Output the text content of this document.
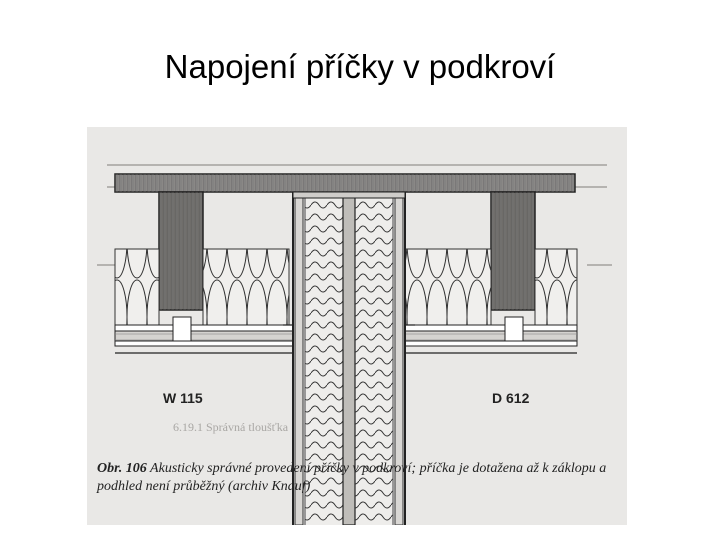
Napojení příčky v podkroví
W 115	D 612
6.19.1 Správná tloušťka
Obr. 106 Akusticky správné provedení příčky v podkroví; příčka je dotažena až k záklopu a podhled není průběžný (archiv Knauf)
